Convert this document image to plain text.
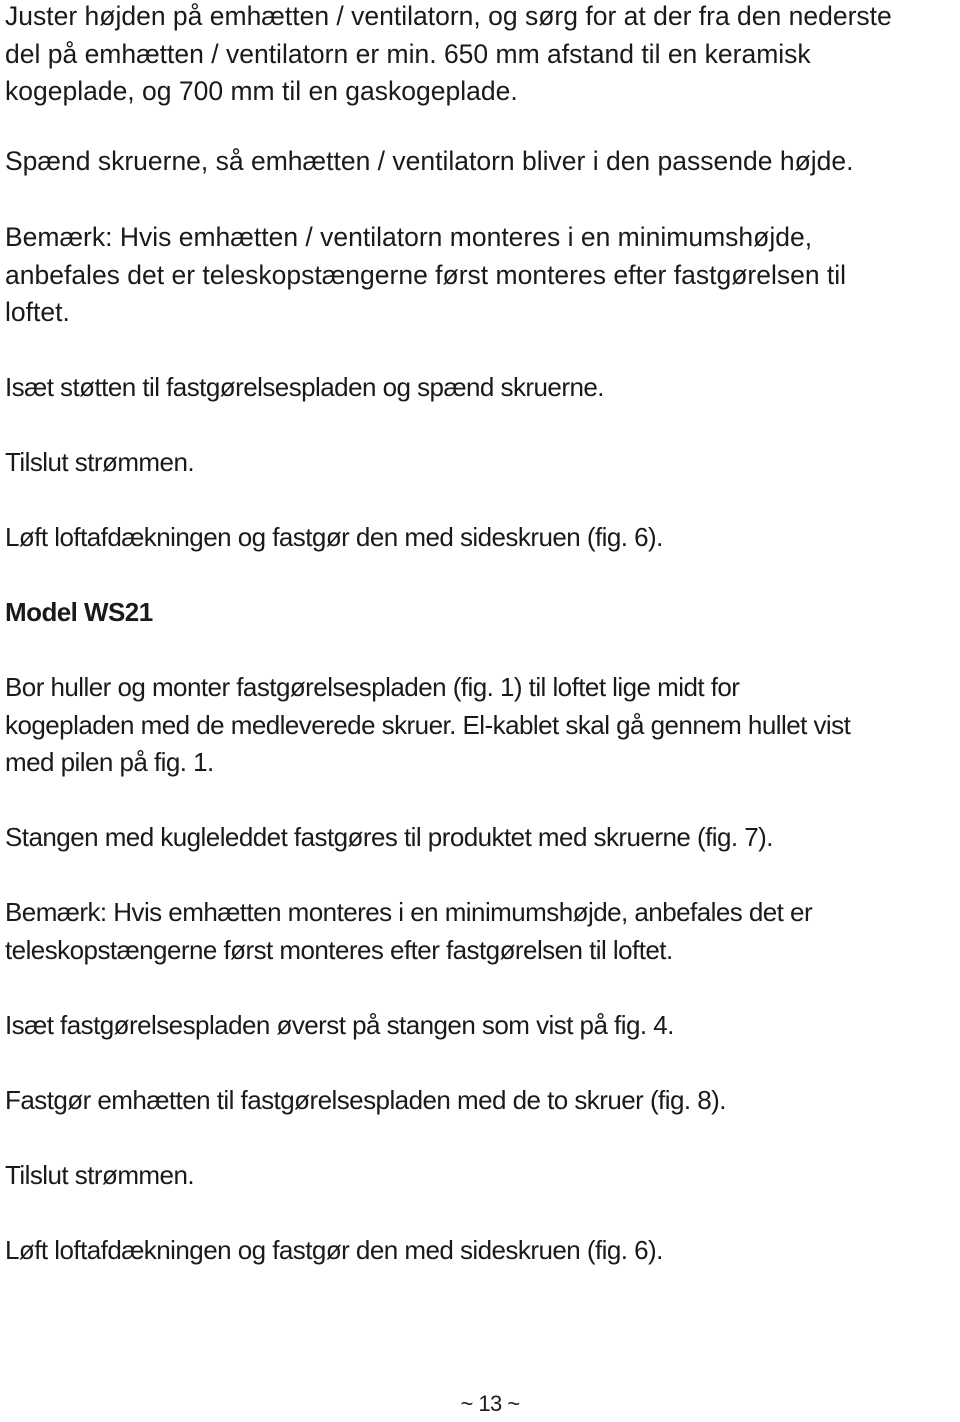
Juster højden på emhætten / ventilatorn, og sørg for at der fra den nederste
del på emhætten / ventilatorn er min. 650 mm afstand til en keramisk
kogeplade, og 700 mm til en gaskogeplade.

Spænd skruerne, så emhætten / ventilatorn bliver i den passende højde.

Bemærk: Hvis emhætten / ventilatorn monteres i en minimumshøjde,
anbefales det er teleskopstængerne først monteres efter fastgørelsen til
loftet.

Isæt støtten til fastgørelsespladen og spænd skruerne.

Tilslut strømmen.

Løft loftafdækningen og fastgør den med sideskruen (fig. 6).

Model WS21

Bor huller og monter fastgørelsespladen (fig. 1) til loftet lige midt for
kogepladen med de medleverede skruer. El-kablet skal gå gennem hullet vist
med pilen på fig. 1.

Stangen med kugleleddet fastgøres til produktet med skruerne (fig. 7).

Bemærk: Hvis emhætten monteres i en minimumshøjde, anbefales det er
teleskopstængerne først monteres efter fastgørelsen til loftet.

Isæt fastgørelsespladen øverst på stangen som vist på fig. 4.

Fastgør emhætten til fastgørelsespladen med de to skruer (fig. 8).

Tilslut strømmen.

Løft loftafdækningen og fastgør den med sideskruen (fig. 6).

~ 13 ~
